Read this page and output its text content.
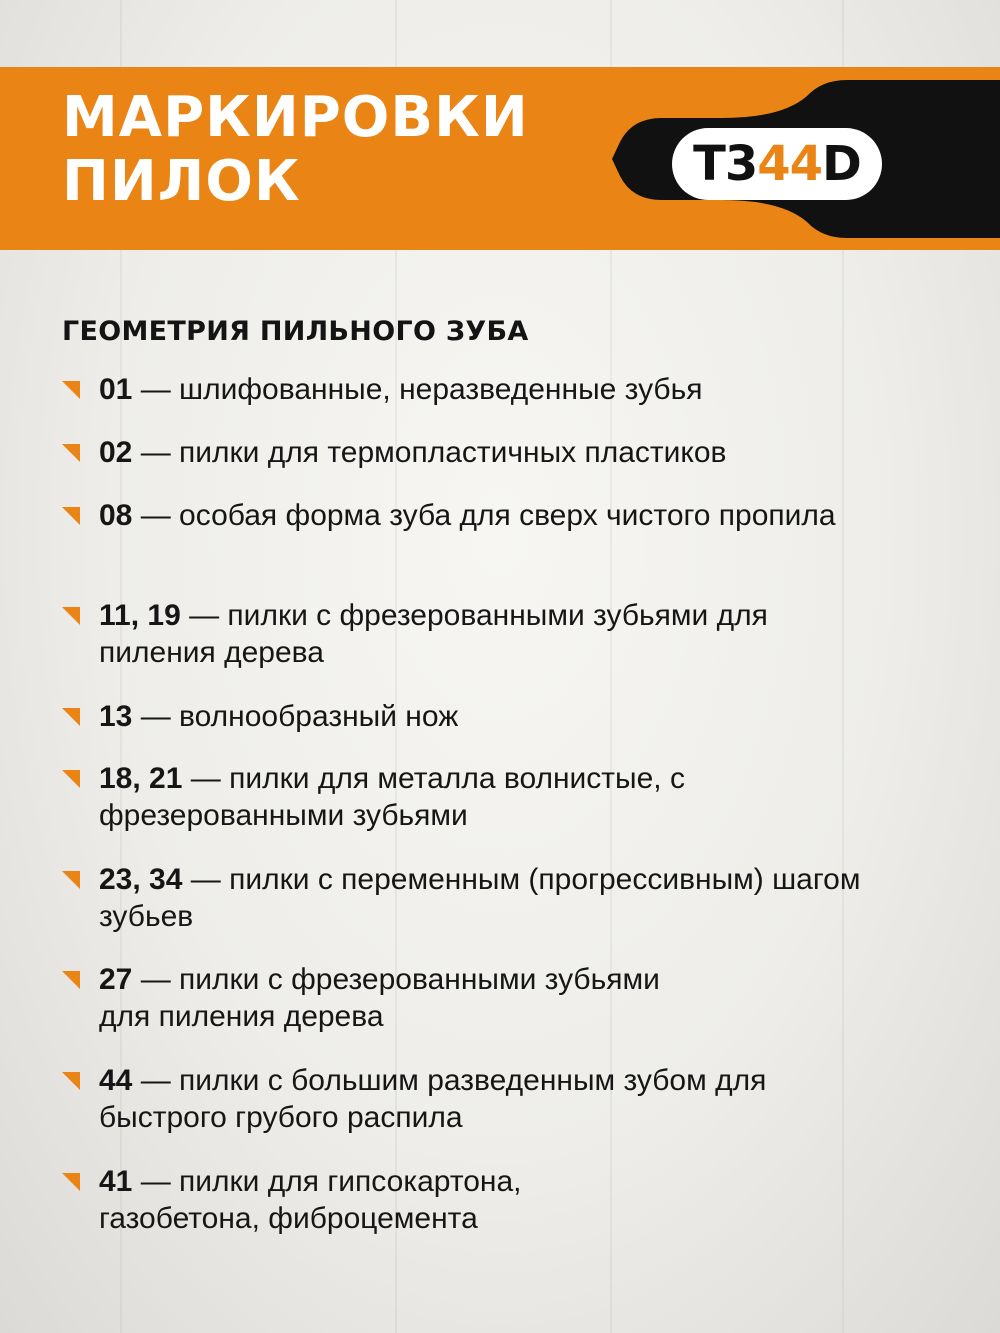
МАРКИРОВКИ
ПИЛОК	T3 44 D
ГЕОМЕТРИЯ ПИЛЬНОГО ЗУБА
01 — шлифованные, неразведенные зубья
02 — пилки для термопластичных пластиков
08 — особая форма зуба для сверх чистого пропила
11, 19 — пилки с фрезерованными зубьями для пиления дерева
13 — волнообразный нож
18, 21 — пилки для металла волнистые, с фрезерованными зубьями
23, 34 — пилки с переменным (прогрессивным) шагом зубьев
27 — пилки с фрезерованными зубьями для пиления дерева
44 — пилки с большим разведенным зубом для быстрого грубого распила
41 — пилки для гипсокартона, газобетона, фиброцемента
